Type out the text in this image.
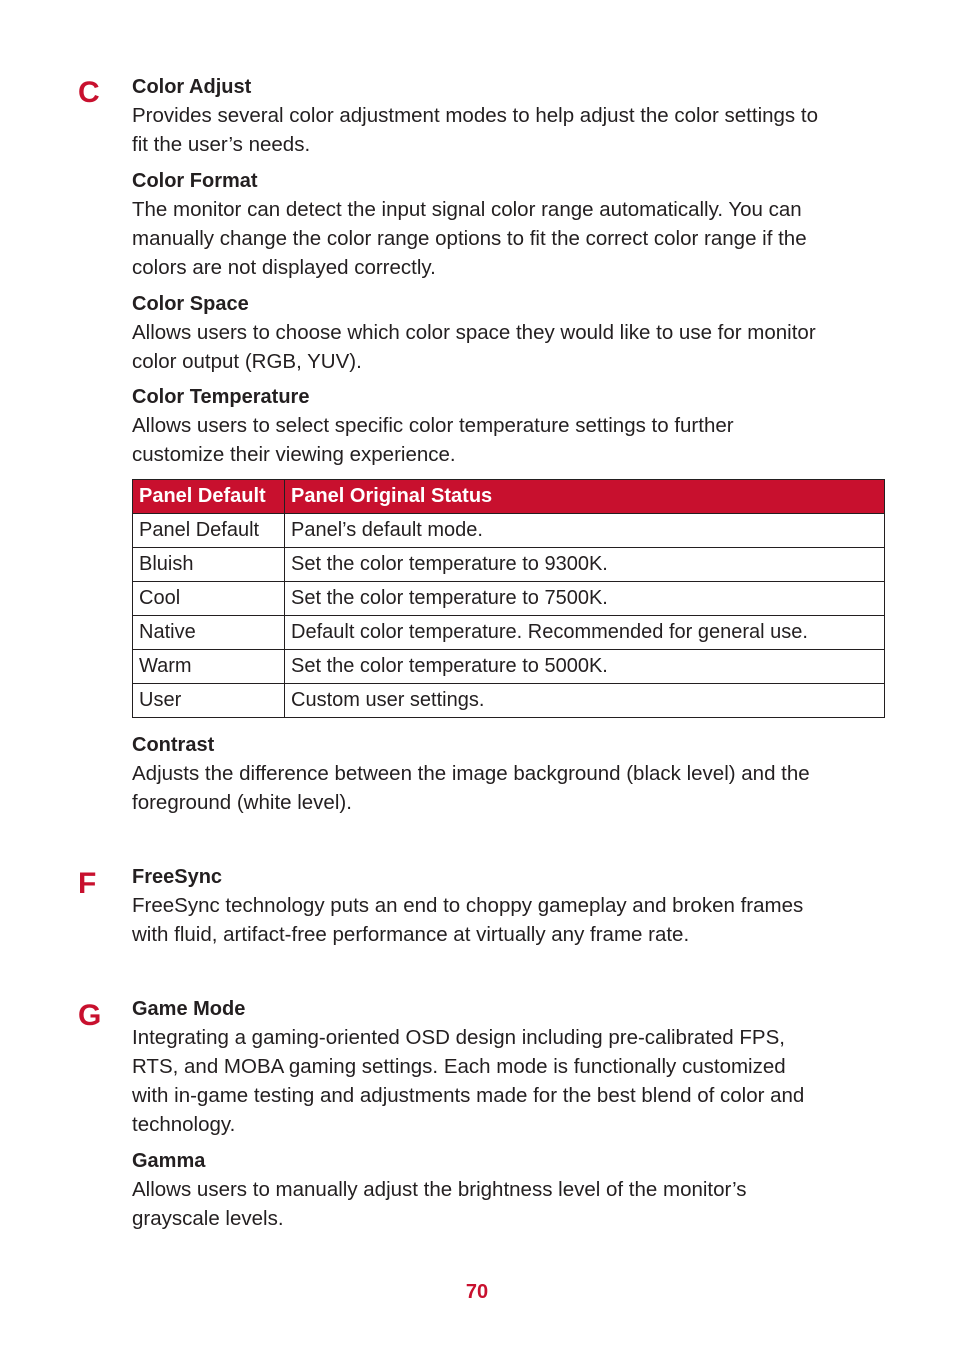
C Color Adjust

Provides several color adjustment modes to help adjust the color settings to

fit the user’s needs.

Color Format

The monitor can detect the input signal color range automatically. You can

manually change the color range options to fit the correct color range if the

colors are not displayed correctly.

Color Space

Allows users to choose which color space they would like to use for monitor

color output (RGB, YUV).

Color Temperature

Allows users to select specific color temperature settings to further

customize their viewing experience.

Panel Default	Panel Original Status
Panel Default	Panel’s default mode.
Bluish	Set the color temperature to 9300K.
Cool	Set the color temperature to 7500K.
Native	Default color temperature. Recommended for general use.
Warm	Set the color temperature to 5000K.
User	Custom user settings.

Contrast

Adjusts the difference between the image background (black level) and the

foreground (white level).

F FreeSync

FreeSync technology puts an end to choppy gameplay and broken frames

with fluid, artifact-free performance at virtually any frame rate.

G Game Mode

Integrating a gaming-oriented OSD design including pre-calibrated FPS,

RTS, and MOBA gaming settings. Each mode is functionally customized

with in-game testing and adjustments made for the best blend of color and

technology.

Gamma

Allows users to manually adjust the brightness level of the monitor’s

grayscale levels.

70
